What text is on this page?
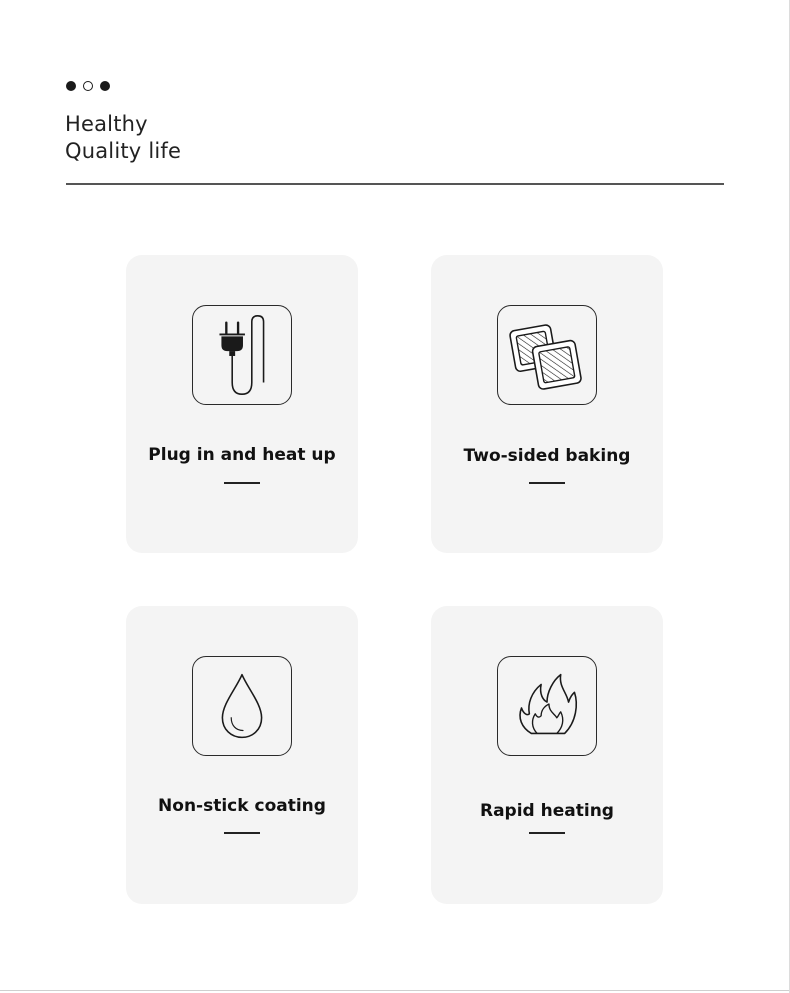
Healthy
Quality life
Plug in and heat up	Two-sided baking
Non-stick coating	Rapid heating
